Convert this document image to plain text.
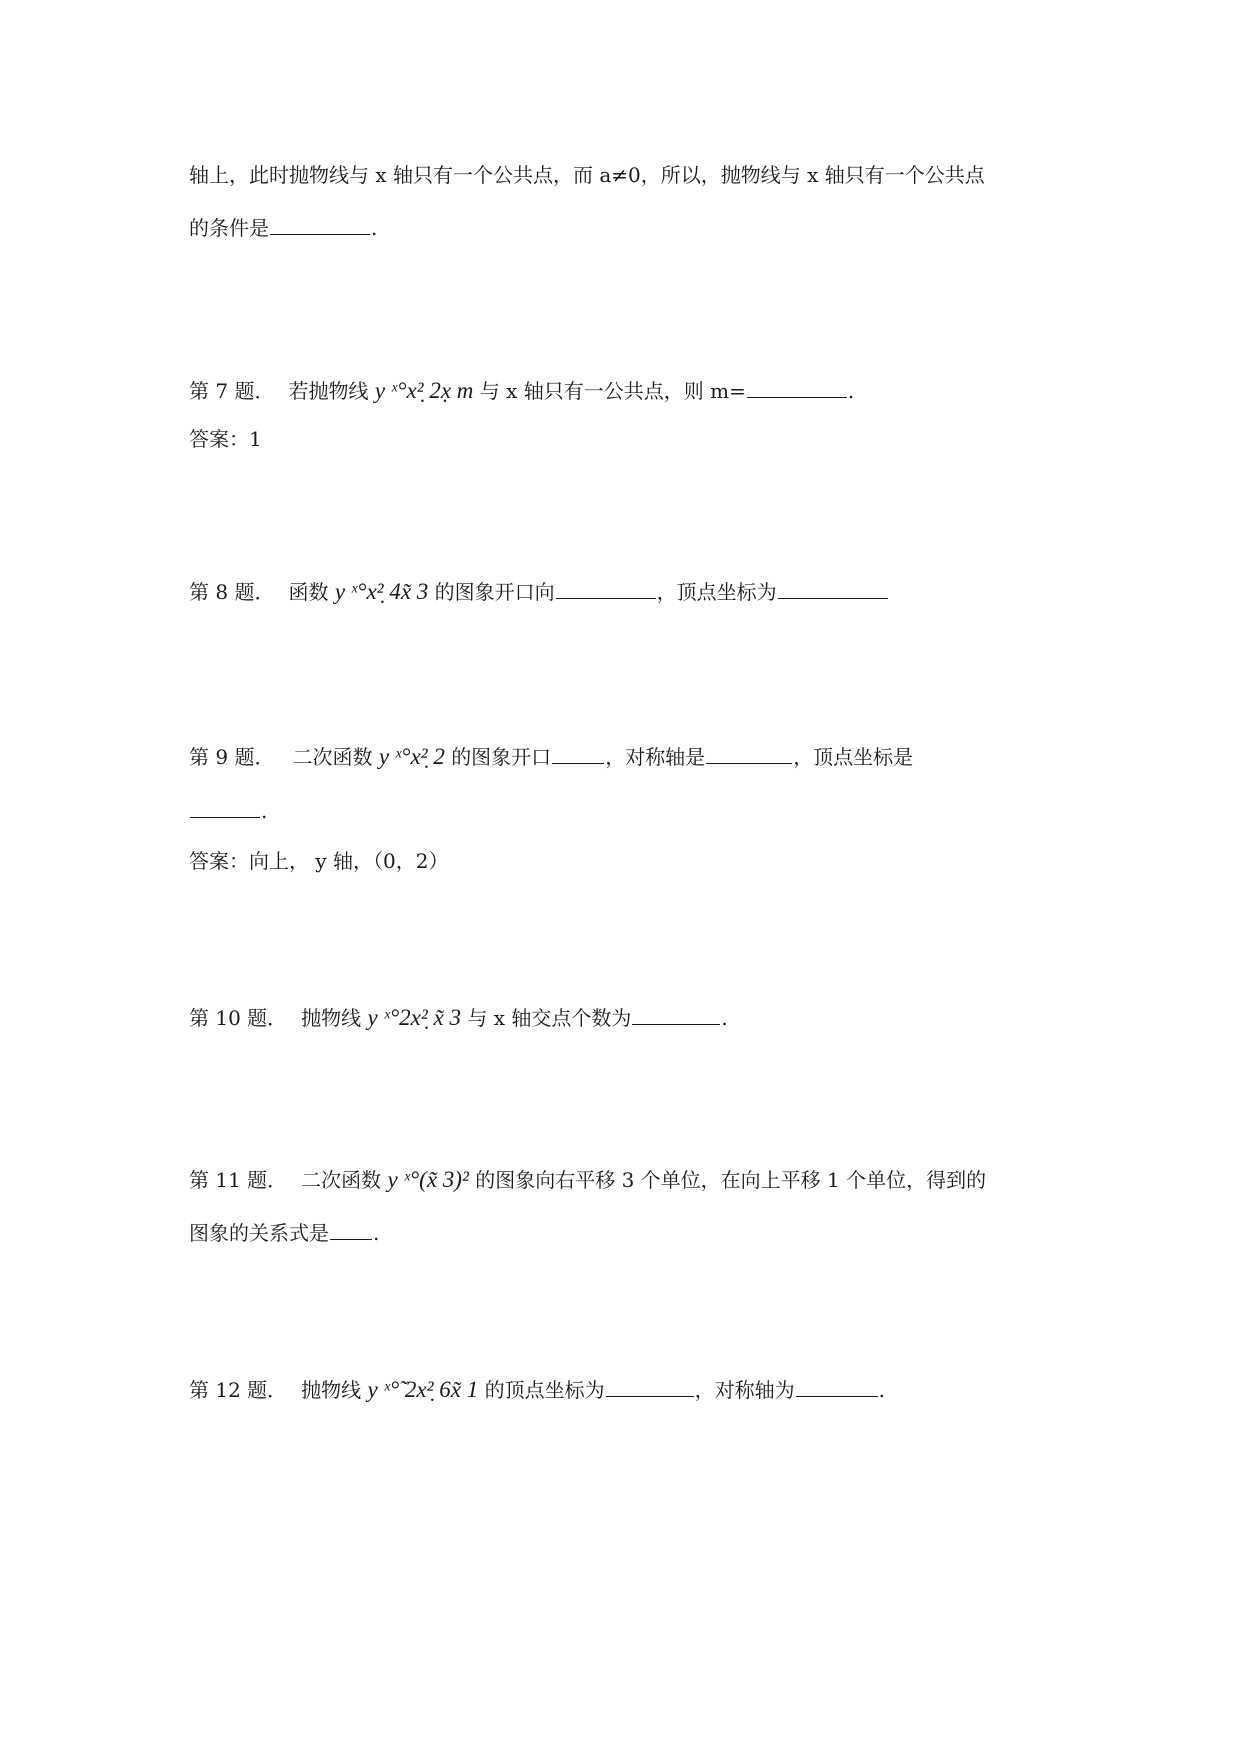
轴上，此时抛物线与 x 轴只有一个公共点，而 a≠0，所以，抛物线与 x 轴只有一个公共点
的条件是	.
第 7 题． 若抛物线 y ˣ°x²̣ 2x̣ m 与 x 轴只有一公共点，则 m=	.
答案：1
第 8 题． 函数 y ˣ°x²̣ 4x̃ 3 的图象开口向	，顶点坐标为
第 9 题． 二次函数 y ˣ°x²̣ 2 的图象开口	，对称轴是	，顶点坐标是
.
答案：向上， y 轴，（0，2）
第 10 题． 抛物线 y ˣ°2x²̣ x̃ 3 与 x 轴交点个数为	.
第 11 题． 二次函数 y ˣ°(x̃ 3)² 的图象向右平移 3 个单位，在向上平移 1 个单位，得到的
图象的关系式是 .
第 12 题． 抛物线 y ˣ°̃ 2x²̣ 6x̃ 1 的顶点坐标为	，对称轴为	.
